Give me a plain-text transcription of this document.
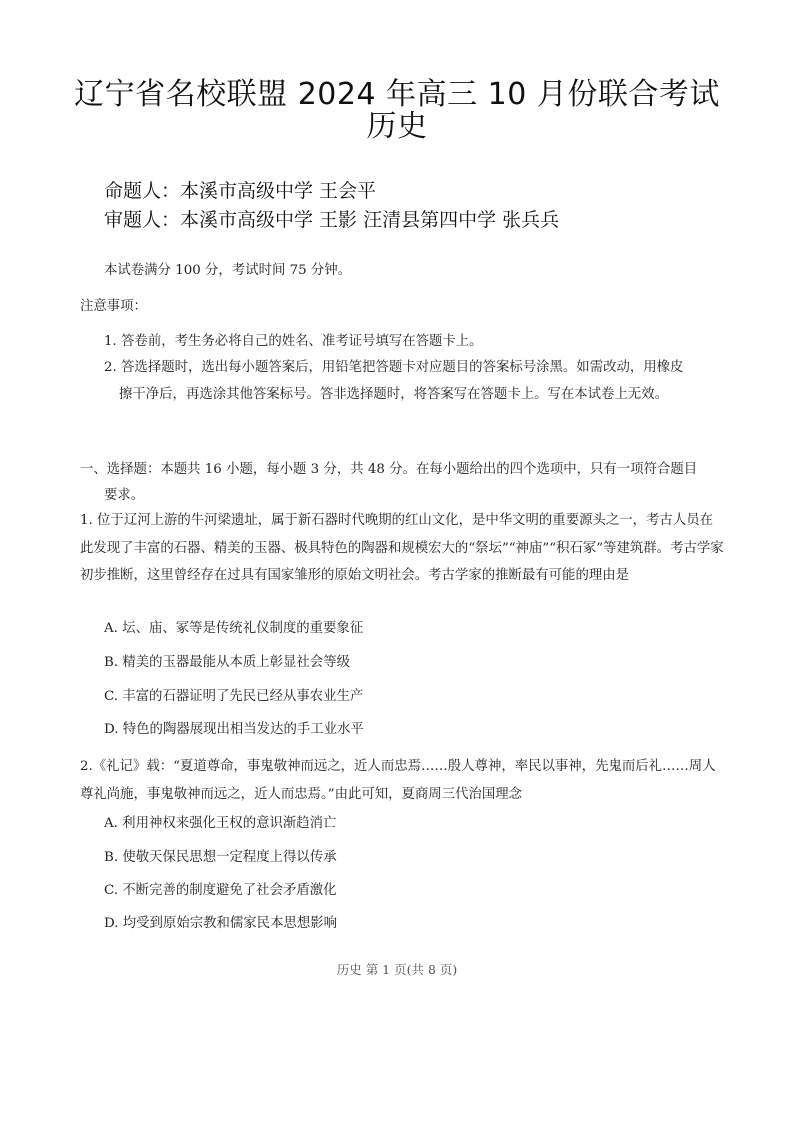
辽宁省名校联盟 2024 年高三 10 月份联合考试
历史
命题人：本溪市高级中学 王会平
审题人：本溪市高级中学 王影 汪清县第四中学 张兵兵
本试卷满分 100 分，考试时间 75 分钟。
注意事项：
1. 答卷前，考生务必将自己的姓名、准考证号填写在答题卡上。
2. 答选择题时，选出每小题答案后，用铅笔把答题卡对应题目的答案标号涂黑。如需改动，用橡皮
擦干净后，再选涂其他答案标号。答非选择题时，将答案写在答题卡上。写在本试卷上无效。
一、选择题：本题共 16 小题，每小题 3 分，共 48 分。在每小题给出的四个选项中，只有一项符合题目
要求。
1. 位于辽河上游的牛河梁遗址，属于新石器时代晚期的红山文化，是中华文明的重要源头之一，考古人员在此发现了丰富的石器、精美的玉器、极具特色的陶器和规模宏大的“祭坛”“神庙”“积石冢”等建筑群。考古学家初步推断，这里曾经存在过具有国家雏形的原始文明社会。考古学家的推断最有可能的理由是
A. 坛、庙、冢等是传统礼仪制度的重要象征
B. 精美的玉器最能从本质上彰显社会等级
C. 丰富的石器证明了先民已经从事农业生产
D. 特色的陶器展现出相当发达的手工业水平
2.《礼记》载：“夏道尊命，事鬼敬神而远之，近人而忠焉……殷人尊神，率民以事神，先鬼而后礼……周人尊礼尚施，事鬼敬神而远之，近人而忠焉。”由此可知，夏商周三代治国理念
A. 利用神权来强化王权的意识渐趋消亡
B. 使敬天保民思想一定程度上得以传承
C. 不断完善的制度避免了社会矛盾激化
D. 均受到原始宗教和儒家民本思想影响
历史 第 1 页(共 8 页)
